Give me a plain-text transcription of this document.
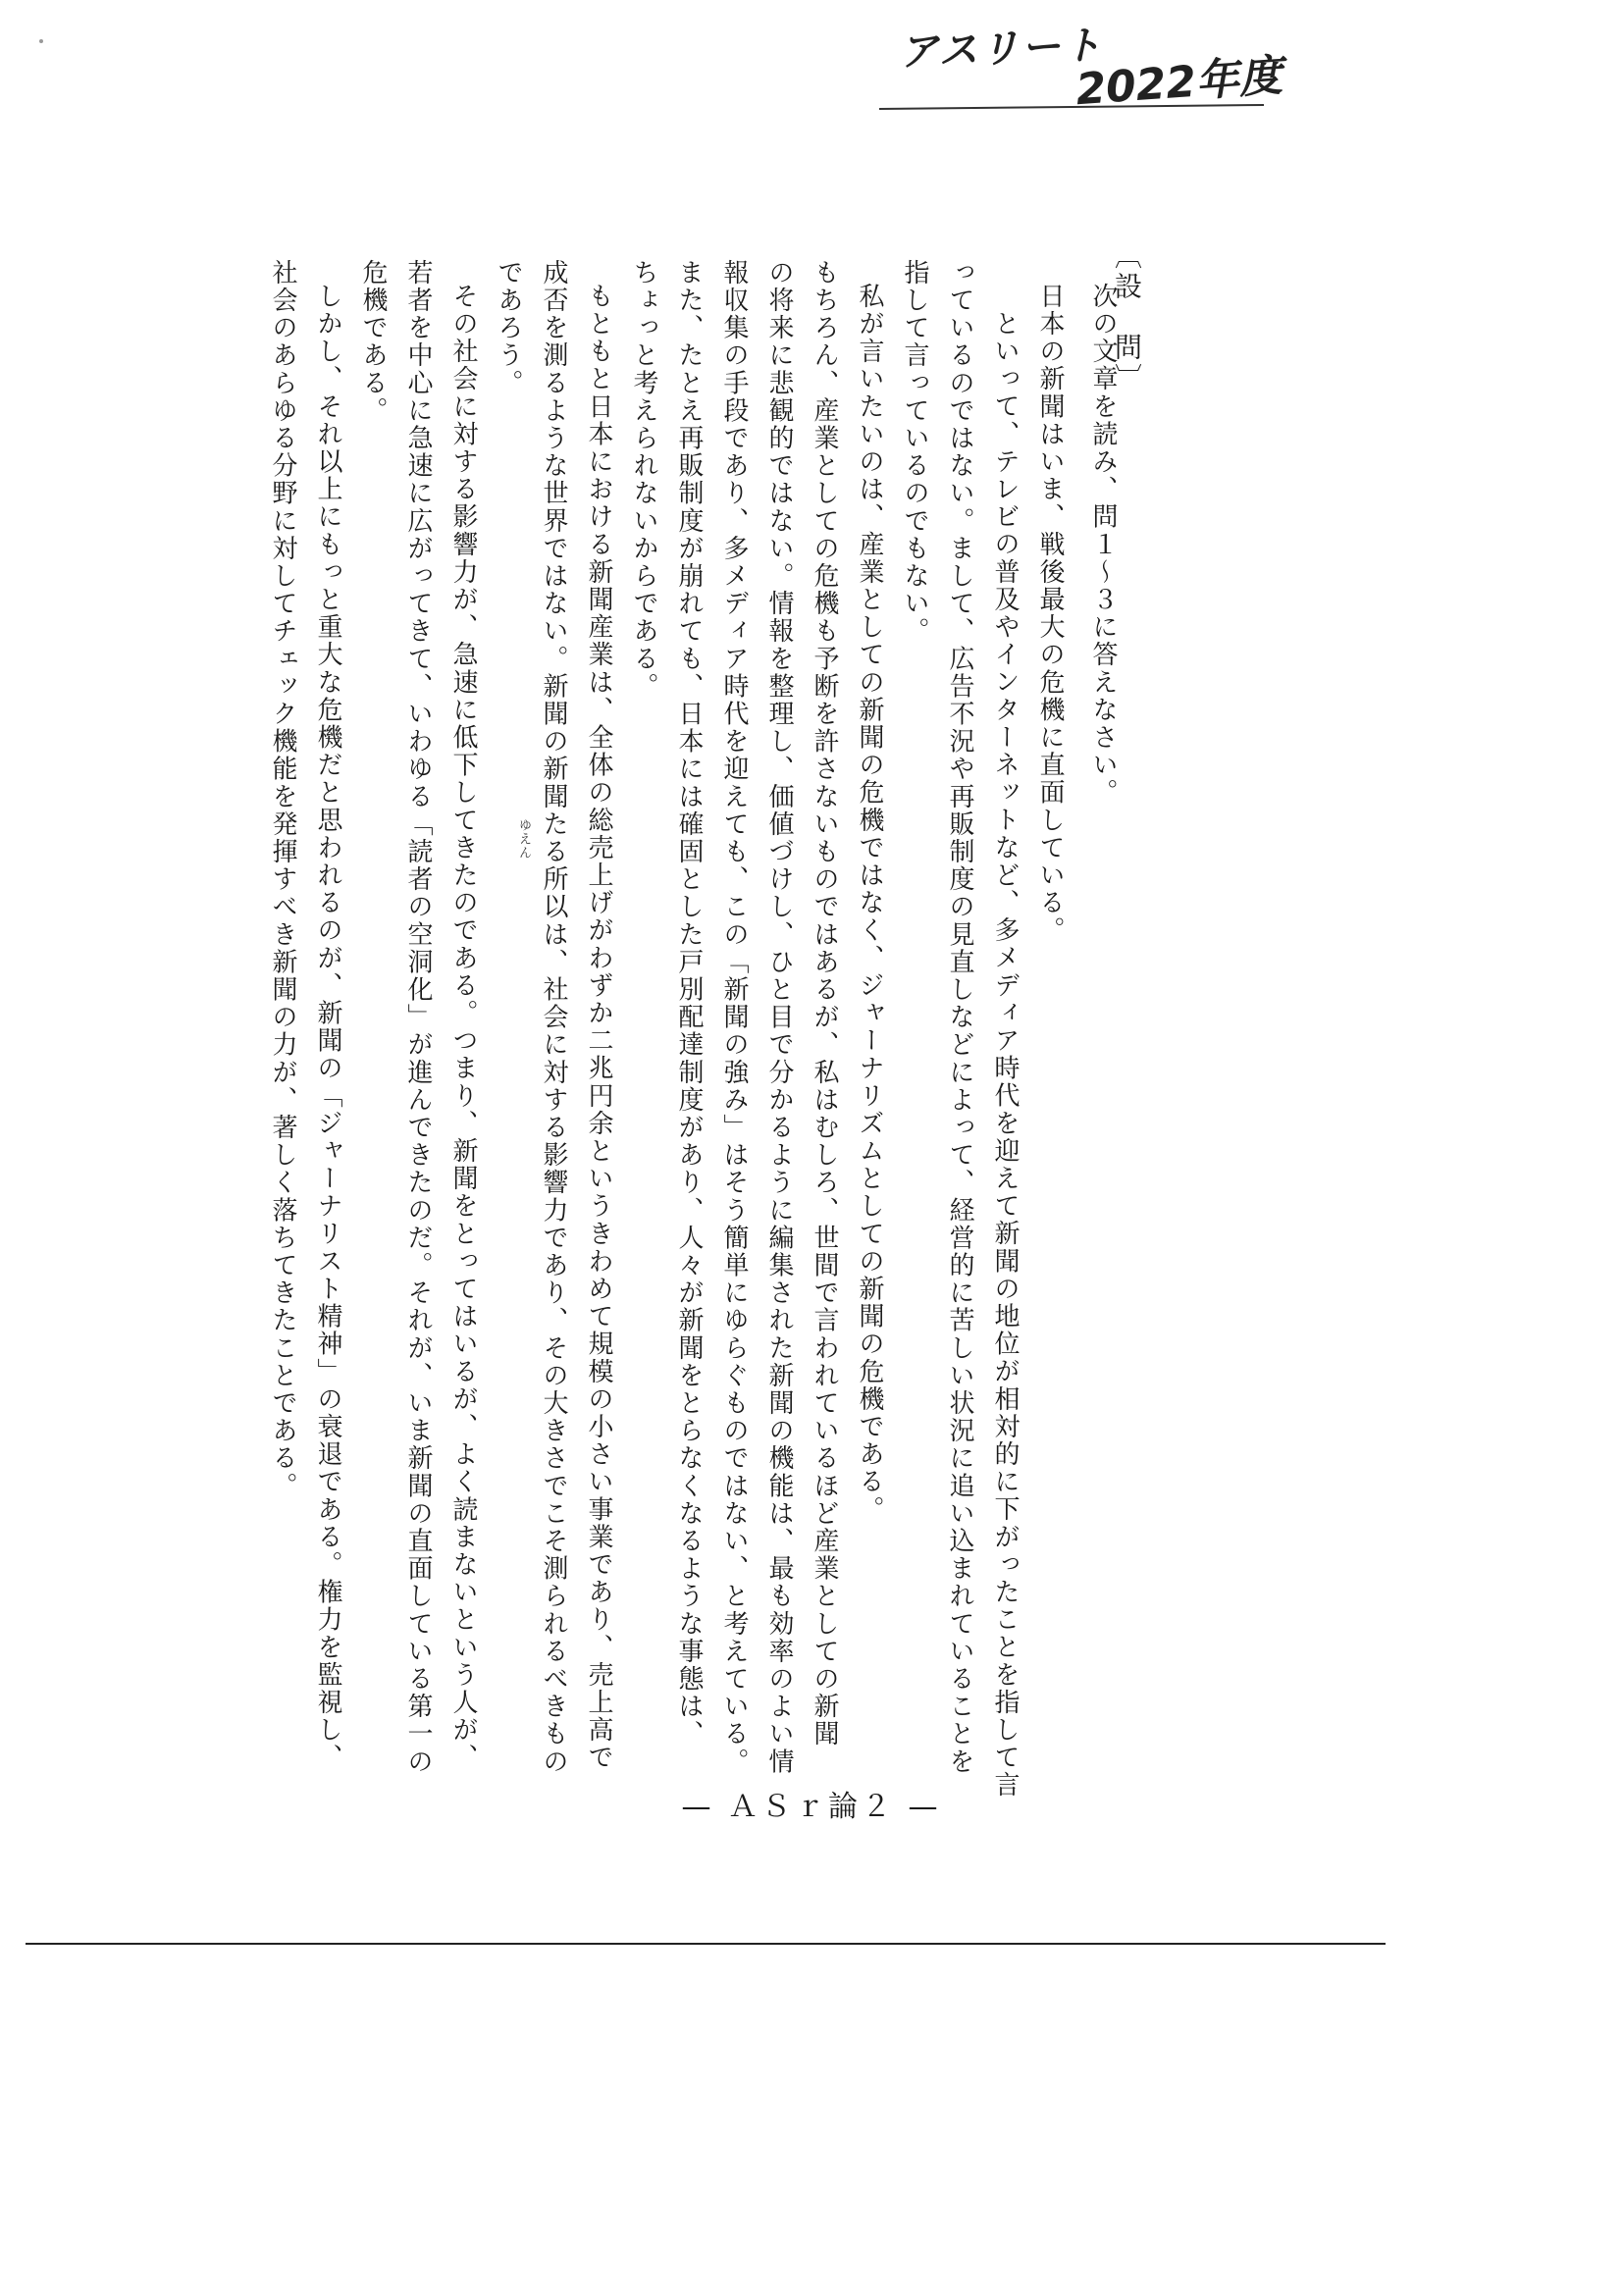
アスリート
2022年度
〔設　問〕
次の文章を読み、問１〜３に答えなさい。
日本の新聞はいま、戦後最大の危機に直面している。
といって、テレビの普及やインターネットなど、多メディア時代を迎えて新聞の地位が相対的に下がったことを指して言
っているのではない。まして、広告不況や再販制度の見直しなどによって、経営的に苦しい状況に追い込まれていることを
指して言っているのでもない。
私が言いたいのは、産業としての新聞の危機ではなく、ジャーナリズムとしての新聞の危機である。
もちろん、産業としての危機も予断を許さないものではあるが、私はむしろ、世間で言われているほど産業としての新聞
の将来に悲観的ではない。情報を整理し、価値づけし、ひと目で分かるように編集された新聞の機能は、最も効率のよい情
報収集の手段であり、多メディア時代を迎えても、この「新聞の強み」はそう簡単にゆらぐものではない、と考えている。
また、たとえ再販制度が崩れても、日本には確固とした戸別配達制度があり、人々が新聞をとらなくなるような事態は、
ちょっと考えられないからである。
もともと日本における新聞産業は、全体の総売上げがわずか二兆円余というきわめて規模の小さい事業であり、売上高で
成否を測るような世界ではない。新聞の新聞たる所以は、社会に対する影響力であり、その大きさでこそ測られるべきもの
であろう。
その社会に対する影響力が、急速に低下してきたのである。つまり、新聞をとってはいるが、よく読まないという人が、
若者を中心に急速に広がってきて、いわゆる「読者の空洞化」が進んできたのだ。それが、いま新聞の直面している第一の
危機である。
しかし、それ以上にもっと重大な危機だと思われるのが、新聞の「ジャーナリスト精神」の衰退である。権力を監視し、
社会のあらゆる分野に対してチェック機能を発揮すべき新聞の力が、著しく落ちてきたことである。	ゆえん
— ＡＳｒ論２ —
